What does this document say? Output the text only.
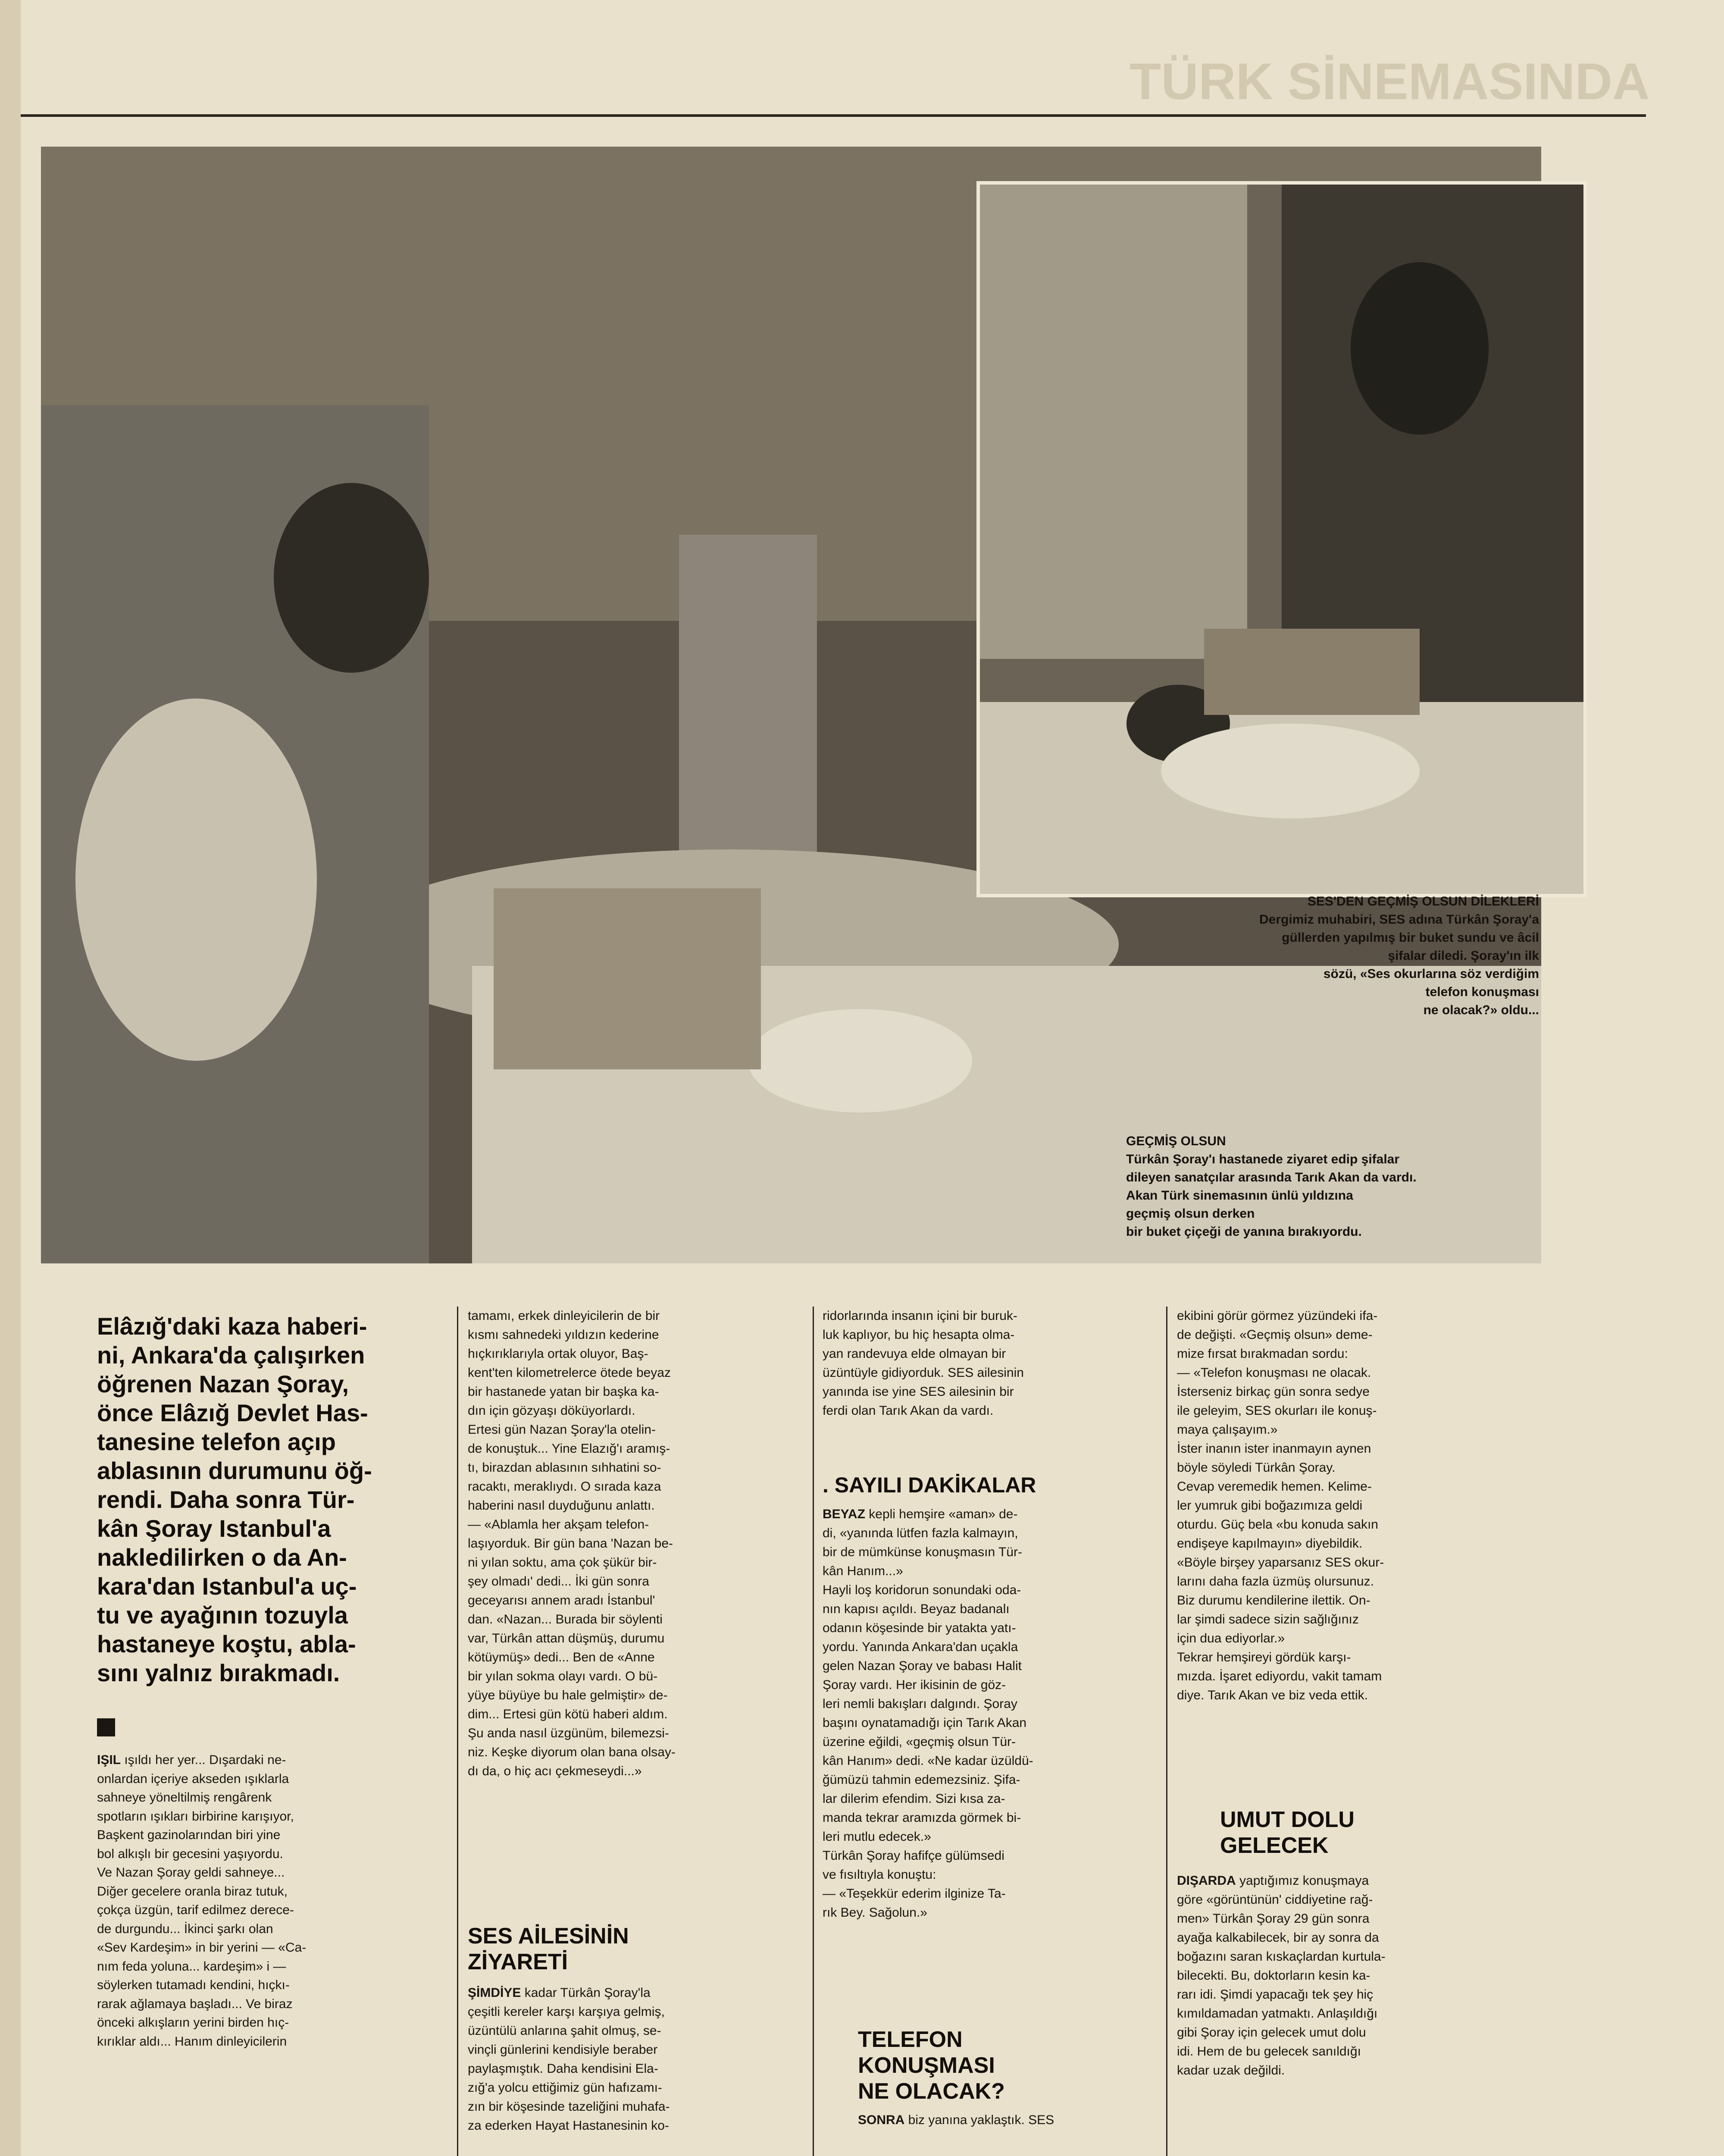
TÜRK SİNEMASINDA
SES'DEN GEÇMİŞ OLSUN DİLEKLERİ
Dergimiz muhabiri, SES adına Türkân Şoray'a
güllerden yapılmış bir buket sundu ve âcil
şifalar diledi. Şoray'ın ilk
sözü, «Ses okurlarına söz verdiğim
telefon konuşması
ne olacak?» oldu...
GEÇMİŞ OLSUN
Türkân Şoray'ı hastanede ziyaret edip şifalar
dileyen sanatçılar arasında Tarık Akan da vardı.
Akan Türk sinemasının ünlü yıldızına
geçmiş olsun derken
bir buket çiçeği de yanına bırakıyordu.

Elâzığ'daki kaza haberi-
ni, Ankara'da çalışırken
öğrenen Nazan Şoray,
önce Elâzığ Devlet Has-
tanesine telefon açıp
ablasının durumunu öğ-
rendi. Daha sonra Tür-
kân Şoray Istanbul'a
nakledilirken o da An-
kara'dan Istanbul'a uç-
tu ve ayağının tozuyla
hastaneye koştu, abla-
sını yalnız bırakmadı.

IŞIL ışıldı her yer... Dışardaki ne-
onlardan içeriye akseden ışıklarla
sahneye yöneltilmiş rengârenk
spotların ışıkları birbirine karışıyor,
Başkent gazinolarından biri yine
bol alkışlı bir gecesini yaşıyordu.
Ve Nazan Şoray geldi sahneye...
Diğer gecelere oranla biraz tutuk,
çokça üzgün, tarif edilmez derece-
de durgundu... İkinci şarkı olan
«Sev Kardeşim» in bir yerini — «Ca-
nım feda yoluna... kardeşim» i —
söylerken tutamadı kendini, hıçkı-
rarak ağlamaya başladı... Ve biraz
önceki alkışların yerini birden hıç-
kırıklar aldı... Hanım dinleyicilerin

tamamı, erkek dinleyicilerin de bir
kısmı sahnedeki yıldızın kederine
hıçkırıklarıyla ortak oluyor, Baş-
kent'ten kilometrelerce ötede beyaz
bir hastanede yatan bir başka ka-
dın için gözyaşı döküyorlardı.
Ertesi gün Nazan Şoray'la otelin-
de konuştuk... Yine Elazığ'ı aramış-
tı, birazdan ablasının sıhhatini so-
racaktı, meraklıydı. O sırada kaza
haberini nasıl duyduğunu anlattı.
— «Ablamla her akşam telefon-
laşıyorduk. Bir gün bana 'Nazan be-
ni yılan soktu, ama çok şükür bir-
şey olmadı' dedi... İki gün sonra
geceyarısı annem aradı İstanbul'
dan. «Nazan... Burada bir söylenti
var, Türkân attan düşmüş, durumu
kötüymüş» dedi... Ben de «Anne
bir yılan sokma olayı vardı. O bü-
yüye büyüye bu hale gelmiştir» de-
dim... Ertesi gün kötü haberi aldım.
Şu anda nasıl üzgünüm, bilemezsi-
niz. Keşke diyorum olan bana olsay-
dı da, o hiç acı çekmeseydi...»

SES AİLESİNİN
ZİYARETİ

ŞİMDİYE kadar Türkân Şoray'la
çeşitli kereler karşı karşıya gelmiş,
üzüntülü anlarına şahit olmuş, se-
vinçli günlerini kendisiyle beraber
paylaşmıştık. Daha kendisini Ela-
zığ'a yolcu ettiğimiz gün hafızamı-
zın bir köşesinde tazeliğini muhafa-
za ederken Hayat Hastanesinin ko-

ridorlarında insanın içini bir buruk-
luk kaplıyor, bu hiç hesapta olma-
yan randevuya elde olmayan bir
üzüntüyle gidiyorduk. SES ailesinin
yanında ise yine SES ailesinin bir
ferdi olan Tarık Akan da vardı.

. SAYILI DAKİKALAR

BEYAZ kepli hemşire «aman» de-
di, «yanında lütfen fazla kalmayın,
bir de mümkünse konuşmasın Tür-
kân Hanım...»
Hayli loş koridorun sonundaki oda-
nın kapısı açıldı. Beyaz badanalı
odanın köşesinde bir yatakta yatı-
yordu. Yanında Ankara'dan uçakla
gelen Nazan Şoray ve babası Halit
Şoray vardı. Her ikisinin de göz-
leri nemli bakışları dalgındı. Şoray
başını oynatamadığı için Tarık Akan
üzerine eğildi, «geçmiş olsun Tür-
kân Hanım» dedi. «Ne kadar üzüldü-
ğümüzü tahmin edemezsiniz. Şifa-
lar dilerim efendim. Sizi kısa za-
manda tekrar aramızda görmek bi-
leri mutlu edecek.»
Türkân Şoray hafifçe gülümsedi
ve fısıltıyla konuştu:
— «Teşekkür ederim ilginize Ta-
rık Bey. Sağolun.»

TELEFON
KONUŞMASI
NE OLACAK?

SONRA biz yanına yaklaştık. SES

ekibini görür görmez yüzündeki ifa-
de değişti. «Geçmiş olsun» deme-
mize fırsat bırakmadan sordu:
— «Telefon konuşması ne olacak.
İsterseniz birkaç gün sonra sedye
ile geleyim, SES okurları ile konuş-
maya çalışayım.»
İster inanın ister inanmayın aynen
böyle söyledi Türkân Şoray.
Cevap veremedik hemen. Kelime-
ler yumruk gibi boğazımıza geldi
oturdu. Güç bela «bu konuda sakın
endişeye kapılmayın» diyebildik.
«Böyle birşey yaparsanız SES okur-
larını daha fazla üzmüş olursunuz.
Biz durumu kendilerine ilettik. On-
lar şimdi sadece sizin sağlığınız
için dua ediyorlar.»
Tekrar hemşireyi gördük karşı-
mızda. İşaret ediyordu, vakit tamam
diye. Tarık Akan ve biz veda ettik.

UMUT DOLU
GELECEK

DIŞARDA yaptığımız konuşmaya
göre «görüntünün' ciddiyetine rağ-
men» Türkân Şoray 29 gün sonra
ayağa kalkabilecek, bir ay sonra da
boğazını saran kıskaçlardan kurtula-
bilecekti. Bu, doktorların kesin ka-
rarı idi. Şimdi yapacağı tek şey hiç
kımıldamadan yatmaktı. Anlaşıldığı
gibi Şoray için gelecek umut dolu
idi. Hem de bu gelecek sanıldığı
kadar uzak değildi.
